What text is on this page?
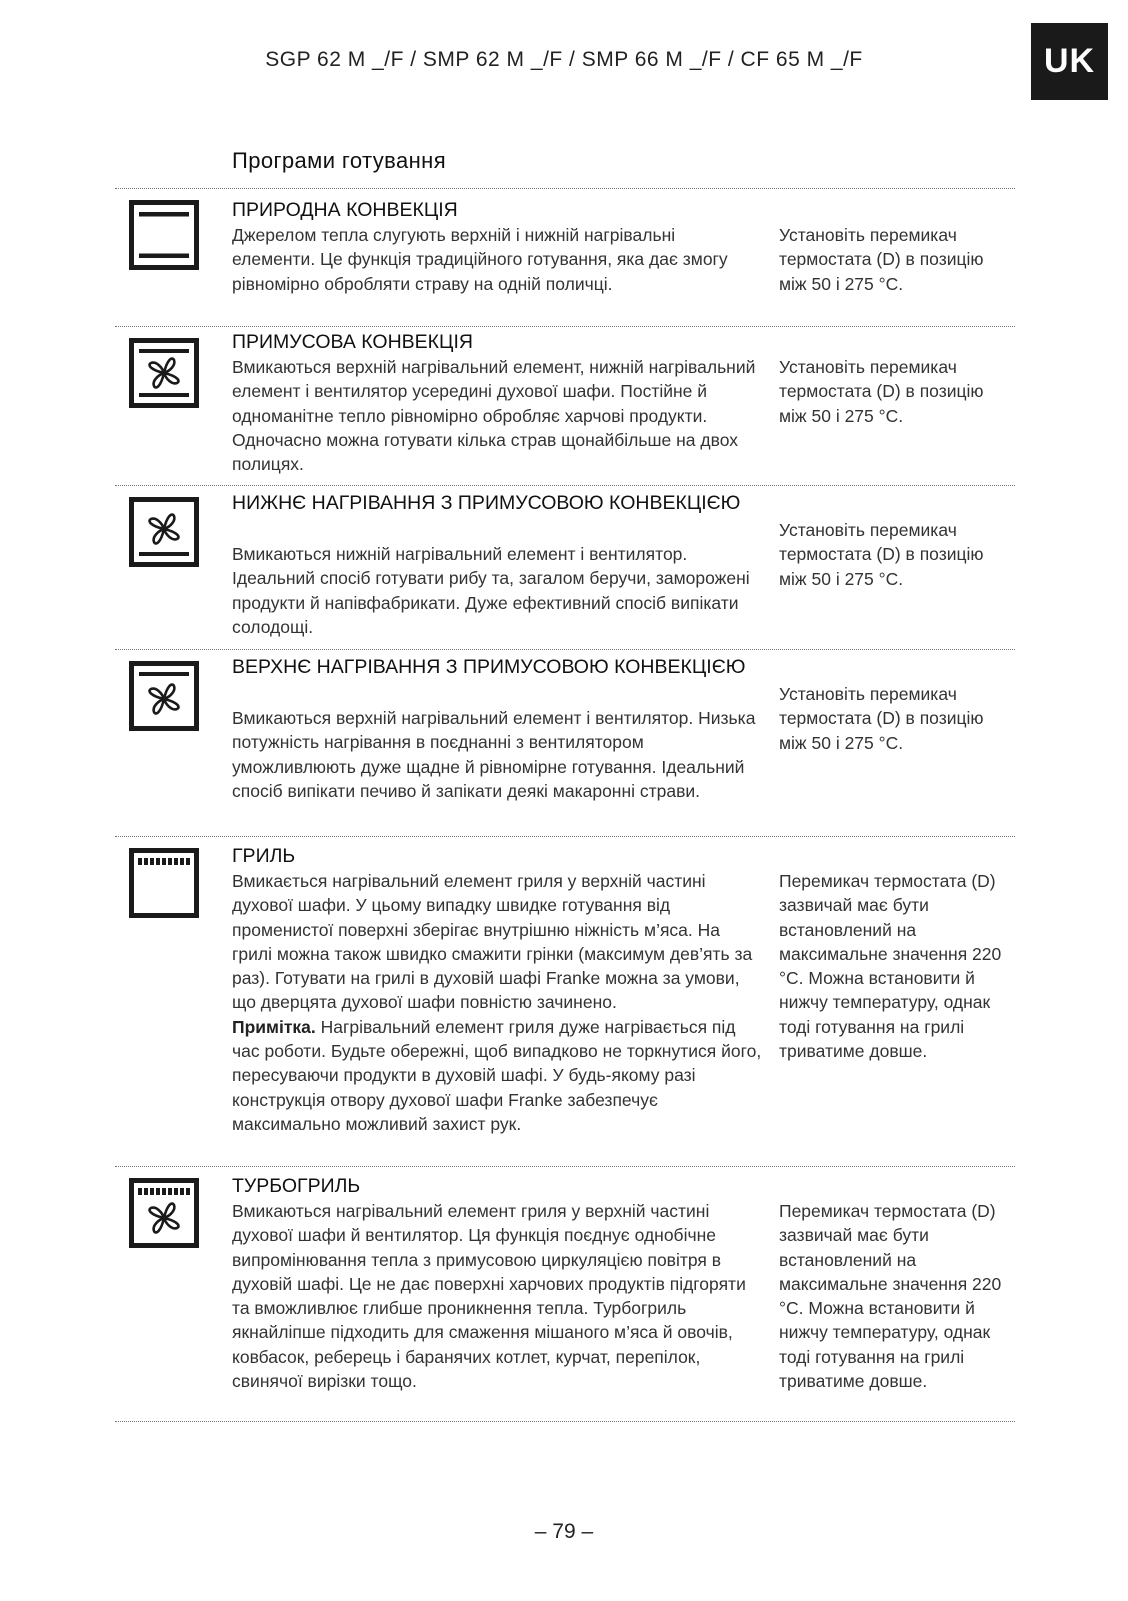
SGP 62 M _/F / SMP 62 M _/F / SMP 66 M _/F / CF 65 M _/F	UK
Програми готування
ПРИРОДНА КОНВЕКЦІЯ
Джерелом тепла слугують верхній і нижній нагрівальні елементи. Це функція традиційного готування, яка дає змогу рівномірно обробляти страву на одній поличці.
Установіть перемикач термостата (D) в позицію між 50 і 275 °C.
ПРИМУСОВА КОНВЕКЦІЯ
Вмикаються верхній нагрівальний елемент, нижній нагрівальний елемент і вентилятор усередині духової шафи. Постійне й одноманітне тепло рівномірно обробляє харчові продукти. Одночасно можна готувати кілька страв щонайбільше на двох полицях.
Установіть перемикач термостата (D) в позицію між 50 і 275 °C.
НИЖНЄ НАГРІВАННЯ З ПРИМУСОВОЮ КОНВЕКЦІЄЮ
Вмикаються нижній нагрівальний елемент і вентилятор. Ідеальний спосіб готувати рибу та, загалом беручи, заморожені продукти й напівфабрикати. Дуже ефективний спосіб випікати солодощі.
Установіть перемикач термостата (D) в позицію між 50 і 275 °C.
ВЕРХНЄ НАГРІВАННЯ З ПРИМУСОВОЮ КОНВЕКЦІЄЮ
Вмикаються верхній нагрівальний елемент і вентилятор. Низька потужність нагрівання в поєднанні з вентилятором уможливлюють дуже щадне й рівномірне готування. Ідеальний спосіб випікати печиво й запікати деякі макаронні страви.
Установіть перемикач термостата (D) в позицію між 50 і 275 °C.
ГРИЛЬ
Вмикається нагрівальний елемент гриля у верхній частині духової шафи. У цьому випадку швидке готування від променистої поверхні зберігає внутрішню ніжність м’яса. На грилі можна також швидко смажити грінки (максимум дев’ять за раз). Готувати на грилі в духовій шафі Franke можна за умови, що дверцята духової шафи повністю зачинено.
Примітка. Нагрівальний елемент гриля дуже нагрівається під час роботи. Будьте обережні, щоб випадково не торкнутися його, пересуваючи продукти в духовій шафі. У будь-якому разі конструкція отвору духової шафи Franke забезпечує максимально можливий захист рук.
Перемикач термостата (D) зазвичай має бути встановлений на максимальне значення 220 °C. Можна встановити й нижчу температуру, однак тоді готування на грилі триватиме довше.
ТУРБОГРИЛЬ
Вмикаються нагрівальний елемент гриля у верхній частині духової шафи й вентилятор. Ця функція поєднує однобічне випромінювання тепла з примусовою циркуляцією повітря в духовій шафі. Це не дає поверхні харчових продуктів підгоряти та вможливлює глибше проникнення тепла. Турбогриль якнайліпше підходить для смаження мішаного м’яса й овочів, ковбасок, реберець і баранячих котлет, курчат, перепілок, свинячої вирізки тощо.
Перемикач термостата (D) зазвичай має бути встановлений на максимальне значення 220 °C. Можна встановити й нижчу температуру, однак тоді готування на грилі триватиме довше.
– 79 –
